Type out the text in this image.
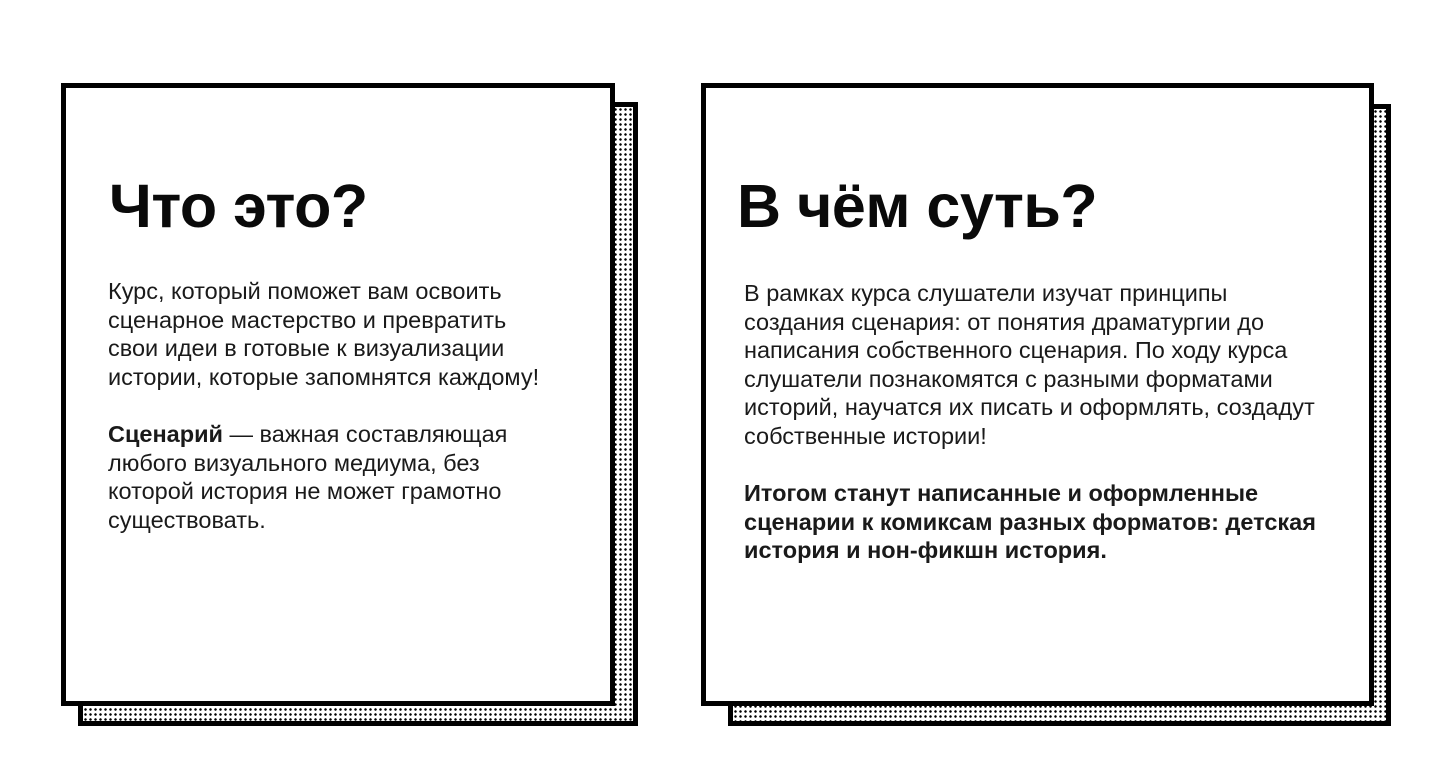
Что это?

Курс, который поможет вам освоить сценарное мастерство и превратить свои идеи в готовые к визуализации истории, которые запомнятся каждому!

Сценарий — важная составляющая любого визуального медиума, без которой история не может грамотно существовать.

В чём суть?

В рамках курса слушатели изучат принципы создания сценария: от понятия драматургии до написания собственного сценария. По ходу курса слушатели познакомятся с разными форматами историй, научатся их писать и оформлять, создадут собственные истории!

Итогом станут написанные и оформленные сценарии к комиксам разных форматов: детская история и нон-фикшн история.
